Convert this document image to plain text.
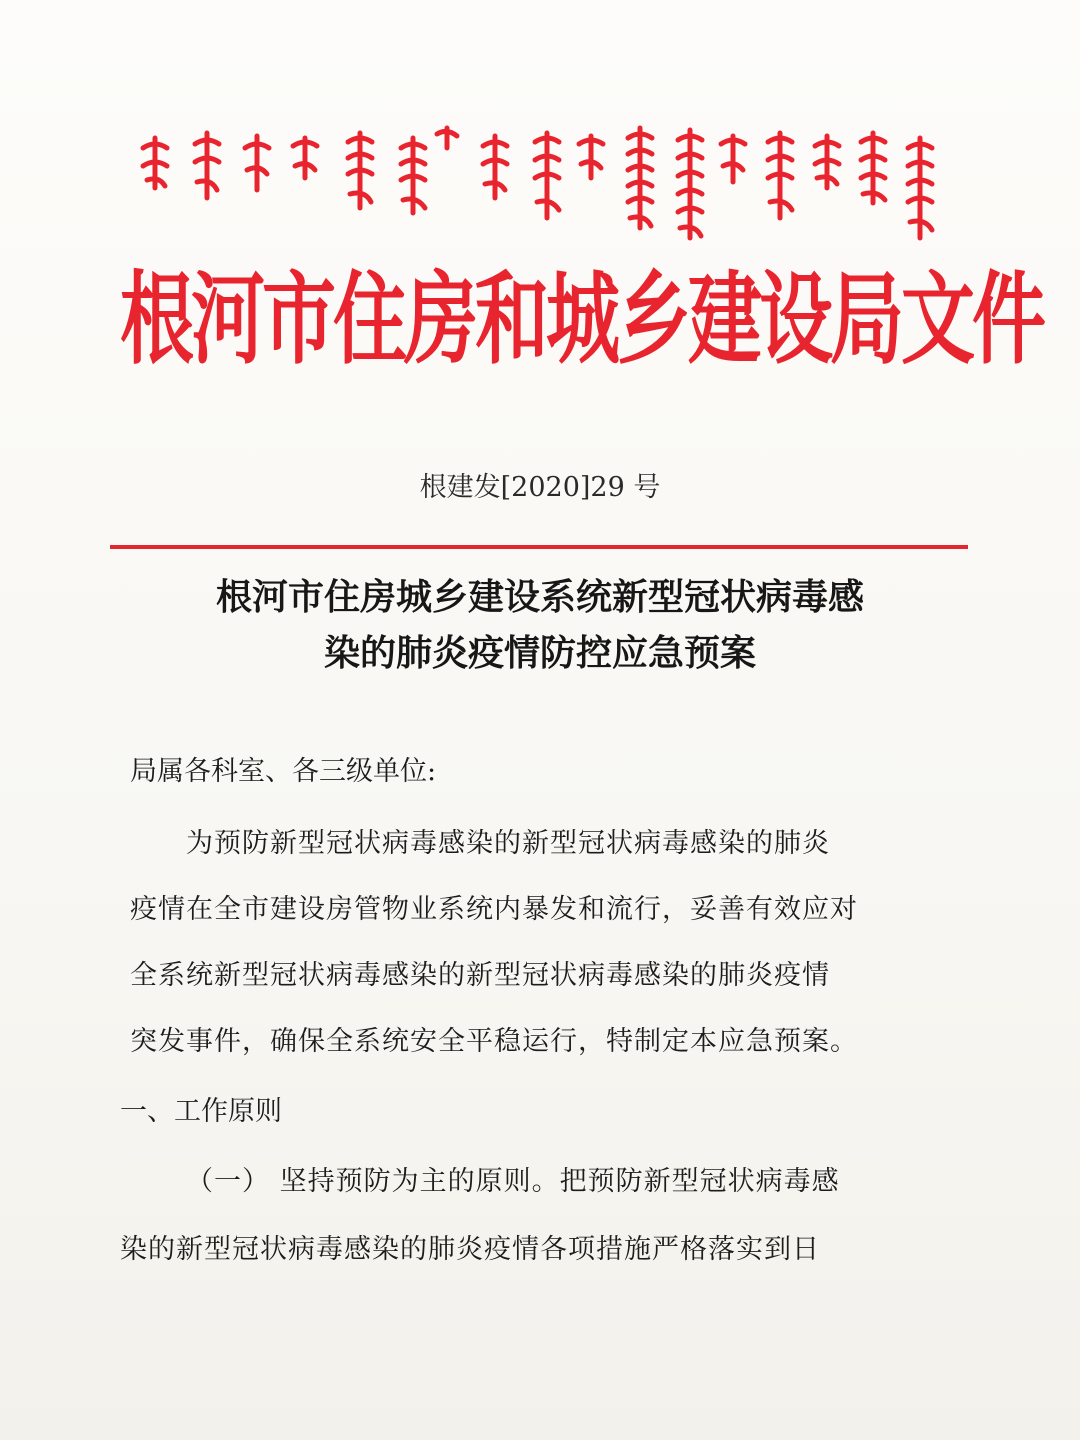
根河市住房和城乡建设局文件
根建发[2020]29 号
根河市住房城乡建设系统新型冠状病毒感
染的肺炎疫情防控应急预案
局属各科室、各三级单位:
为预防新型冠状病毒感染的新型冠状病毒感染的肺炎
疫情在全市建设房管物业系统内暴发和流行，妥善有效应对
全系统新型冠状病毒感染的新型冠状病毒感染的肺炎疫情
突发事件，确保全系统安全平稳运行，特制定本应急预案。
一、工作原则
（一） 坚持预防为主的原则。把预防新型冠状病毒感
染的新型冠状病毒感染的肺炎疫情各项措施严格落实到日
